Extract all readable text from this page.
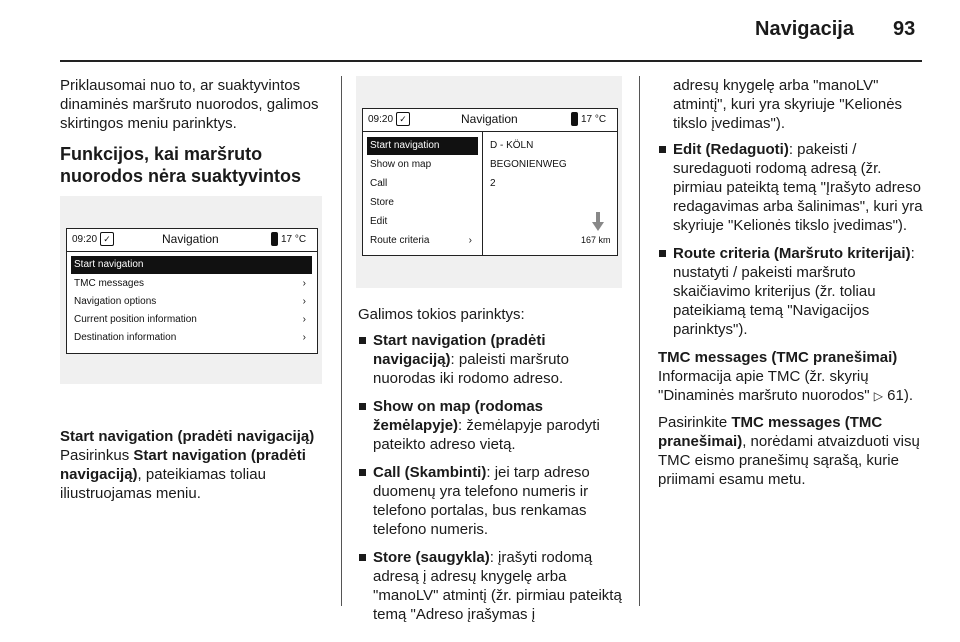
Navigacija 93

Priklausomai nuo to, ar suaktyvintos dinaminės maršruto nuorodos, galimos skirtingos meniu parinktys.

Funkcijos, kai maršruto nuorodos nėra suaktyvintos
09:20 ✓	Navigation	17 °C
Start navigation
TMC messages	›
Navigation options	›
Current position information	›
Destination information	›

Start navigation (pradėti navigaciją)

Pasirinkus Start navigation (pradėti navigaciją), pateikiamas toliau iliustruojamas meniu.

09:20 ✓	Navigation	17 °C
Start navigation
Show on map
Call
Store
Edit
Route criteria	›
D - KÖLN
BEGONIENWEG
2
167 km

Galimos tokios parinktys:

Start navigation (pradėti navigaciją): paleisti maršruto nuorodas iki rodomo adreso.
Show on map (rodomas žemėlapyje): žemėlapyje parodyti pateikto adreso vietą.
Call (Skambinti): jei tarp adreso duomenų yra telefono numeris ir telefono portalas, bus renkamas telefono numeris.
Store (saugykla): įrašyti rodomą adresą į adresų knygelę arba "manoLV" atmintį (žr. pirmiau pateiktą temą "Adreso įrašymas į

adresų knygelę arba "manoLV" atmintį", kuri yra skyriuje "Kelionės tikslo įvedimas").

Edit (Redaguoti): pakeisti / suredaguoti rodomą adresą (žr. pirmiau pateiktą temą "Įrašyto adreso redagavimas arba šalinimas", kuri yra skyriuje "Kelionės tikslo įvedimas").
Route criteria (Maršruto kriterijai): nustatyti / pakeisti maršruto skaičiavimo kriterijus (žr. toliau pateikiamą temą "Navigacijos parinktys").

TMC messages (TMC pranešimai)

Informacija apie TMC (žr. skyrių "Dinaminės maršruto nuorodos" ▷ 61).

Pasirinkite TMC messages (TMC pranešimai), norėdami atvaizduoti visų TMC eismo pranešimų sąrašą, kurie priimami esamu metu.
